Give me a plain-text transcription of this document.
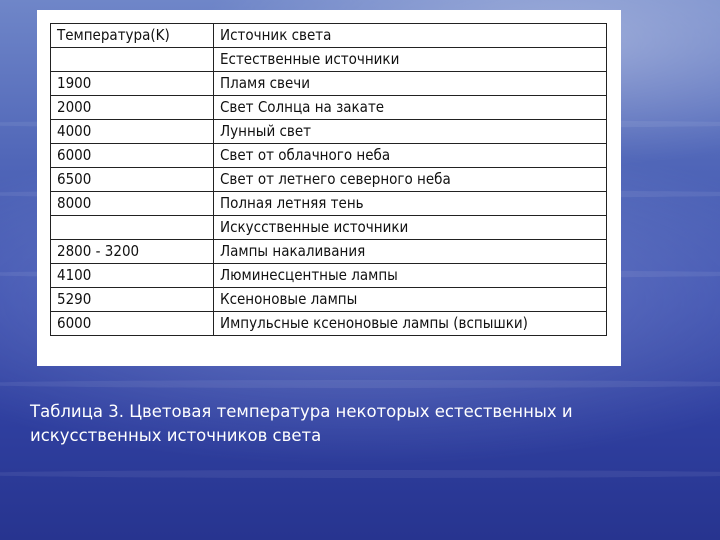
Температура(K)	Источник света
	Естественные источники
1900	Пламя свечи
2000	Свет Солнца на закате
4000	Лунный свет
6000	Свет от облачного неба
6500	Свет от летнего северного неба
8000	Полная летняя тень
	Искусственные источники
2800 - 3200	Лампы накаливания
4100	Люминесцентные лампы
5290	Ксеноновые лампы
6000	Импульсные ксеноновые лампы (вспышки)
Таблица 3. Цветовая температура некоторых естественных и
искусственных источников света
